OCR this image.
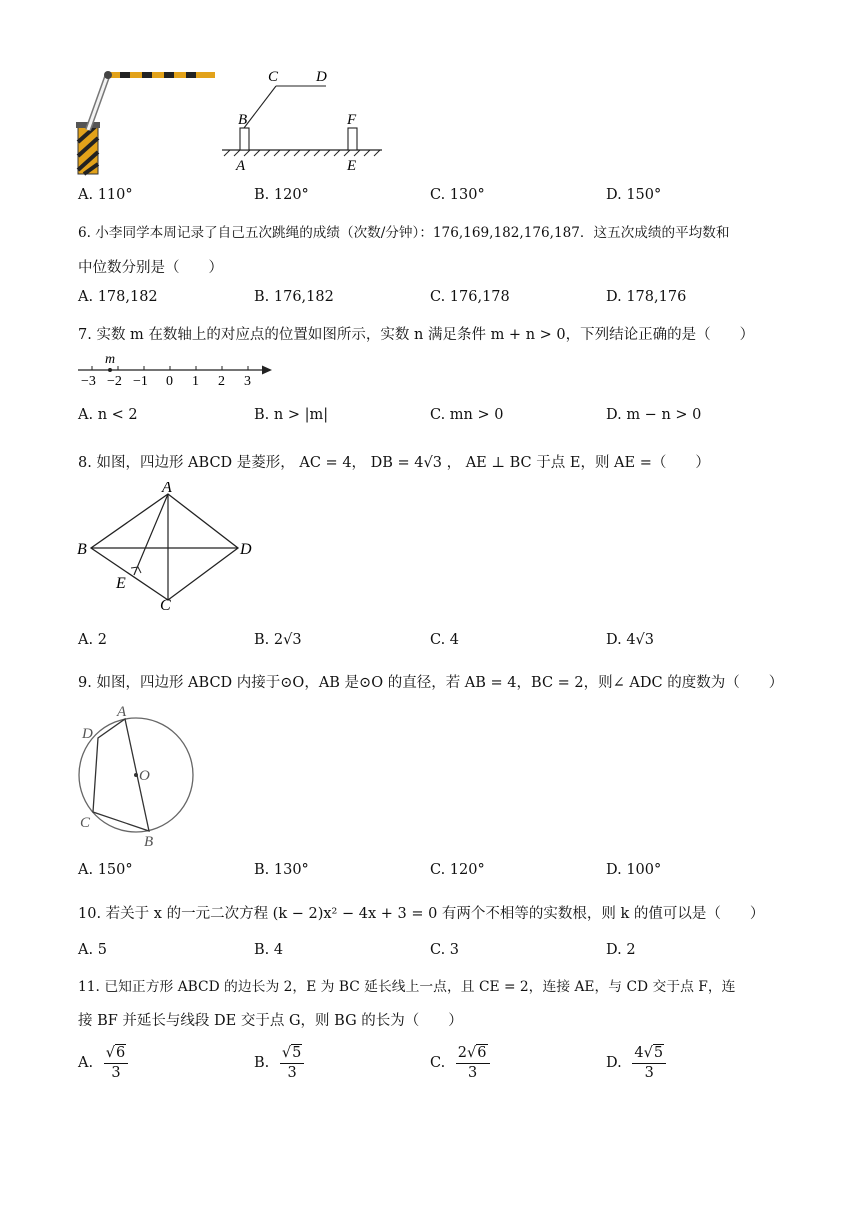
C	D
B	F
A	E
A. 110°	B. 120°	C. 130°	D. 150°
6. 小李同学本周记录了自己五次跳绳的成绩（次数/分钟）：176,169,182,176,187．这五次成绩的平均数和
中位数分别是（　　）
A. 178,182	B. 176,182	C. 176,178	D. 178,176
7. 实数 m 在数轴上的对应点的位置如图所示，实数 n 满足条件 m + n > 0，下列结论正确的是（　　）
m
−3 −2 −1 0 1 2 3
A. n < 2	B. n > |m|	C. mn > 0	D. m − n > 0
8. 如图，四边形 ABCD 是菱形， AC = 4， DB = 4√3 ， AE ⊥ BC 于点 E，则 AE =（　　）
A
B	D
E
C
A. 2	B. 2√3	C. 4	D. 4√3
9. 如图，四边形 ABCD 内接于⊙O，AB 是⊙O 的直径，若 AB = 4，BC = 2，则∠ ADC 的度数为（　　）
A
D
O
C
B
A. 150°	B. 130°	C. 120°	D. 100°
10. 若关于 x 的一元二次方程 (k − 2)x² − 4x + 3 = 0 有两个不相等的实数根，则 k 的值可以是（　　）
A. 5	B. 4	C. 3	D. 2
11. 已知正方形 ABCD 的边长为 2，E 为 BC 延长线上一点，且 CE = 2，连接 AE，与 CD 交于点 F，连
接 BF 并延长与线段 DE 交于点 G，则 BG 的长为（　　）
A. $\frac{√6}{3}$	B. $\frac{√5}{3}$	C. $\frac{2√6}{3}$	D. $\frac{4√5}{3}$
